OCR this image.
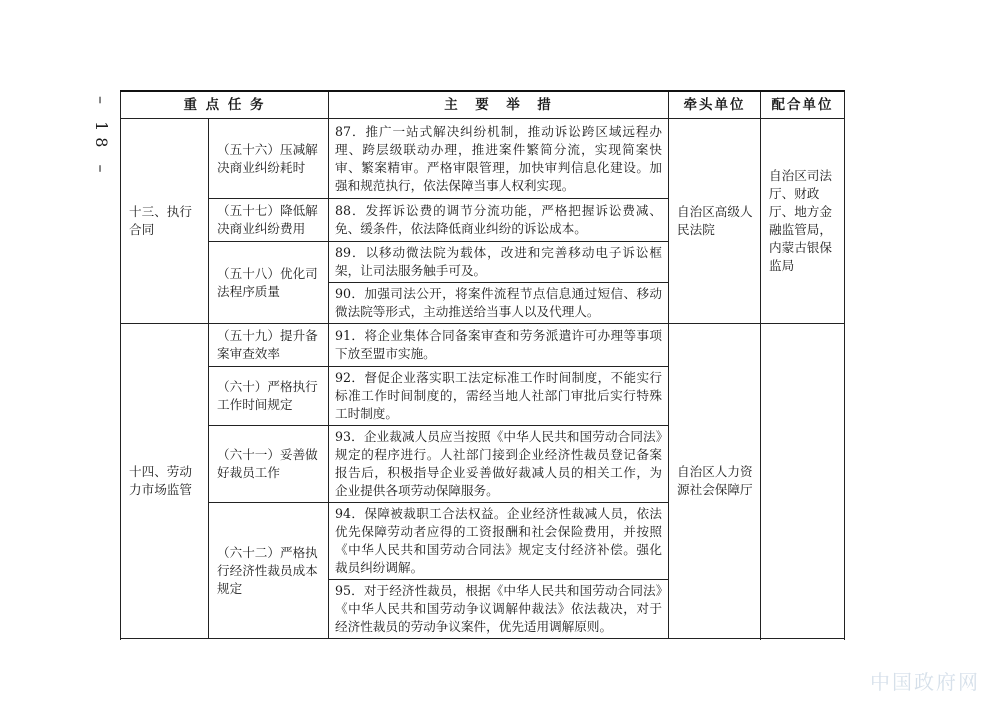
– 18 –	重 点 任 务		主　要　举　措	牵头单位	配合单位
十三、执行合同	（五十六）压减解决商业纠纷耗时	87．推广一站式解决纠纷机制，推动诉讼跨区域远程办理、跨层级联动办理，推进案件繁简分流，实现简案快审、繁案精审。严格审限管理，加快审判信息化建设。加强和规范执行，依法保障当事人权利实现。	自治区高级人民法院	自治区司法厅、财政厅、地方金融监管局，内蒙古银保监局
	（五十七）降低解决商业纠纷费用	88．发挥诉讼费的调节分流功能，严格把握诉讼费减、免、缓条件，依法降低商业纠纷的诉讼成本。		
	（五十八）优化司法程序质量	89．以移动微法院为载体，改进和完善移动电子诉讼框架，让司法服务触手可及。		
		90．加强司法公开，将案件流程节点信息通过短信、移动微法院等形式，主动推送给当事人以及代理人。		

十四、劳动力市场监管	（五十九）提升备案审查效率	91．将企业集体合同备案审查和劳务派遣许可办理等事项下放至盟市实施。	自治区人力资源社会保障厅	
	（六十）严格执行工作时间规定	92．督促企业落实职工法定标准工作时间制度，不能实行标准工作时间制度的，需经当地人社部门审批后实行特殊工时制度。		
	（六十一）妥善做好裁员工作	93．企业裁减人员应当按照《中华人民共和国劳动合同法》规定的程序进行。人社部门接到企业经济性裁员登记备案报告后，积极指导企业妥善做好裁减人员的相关工作，为企业提供各项劳动保障服务。		
	（六十二）严格执行经济性裁员成本规定	94．保障被裁职工合法权益。企业经济性裁减人员，依法优先保障劳动者应得的工资报酬和社会保险费用，并按照《中华人民共和国劳动合同法》规定支付经济补偿。强化裁员纠纷调解。		
		95．对于经济性裁员，根据《中华人民共和国劳动合同法》《中华人民共和国劳动争议调解仲裁法》依法裁决，对于经济性裁员的劳动争议案件，优先适用调解原则。		

中国政府网
